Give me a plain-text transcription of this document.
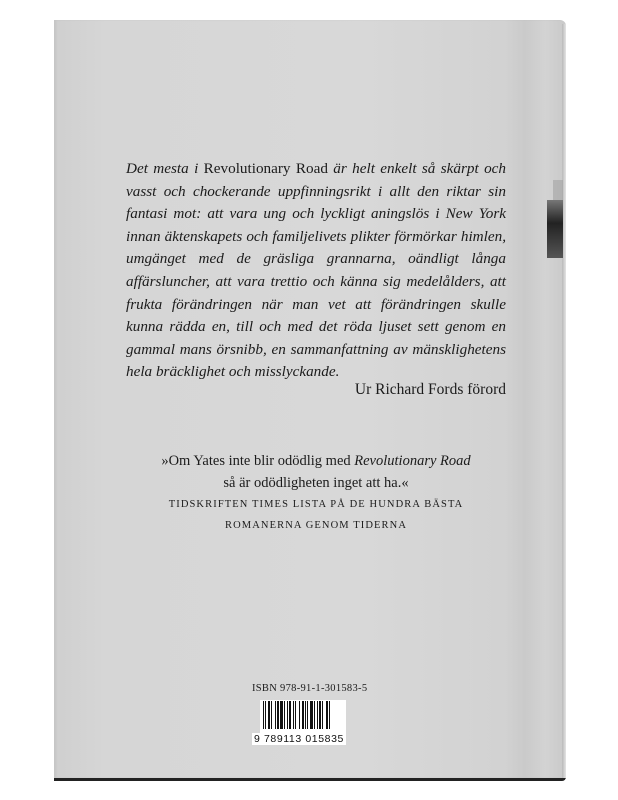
Det mesta i Revolutionary Road är helt enkelt så skärpt och vasst och chockerande uppfinningsrikt i allt den riktar sin fantasi mot: att vara ung och lyckligt aningslös i New York innan äktenskapets och familjelivets plikter förmörkar himlen, umgänget med de gräsliga grannarna, oändligt långa affärsluncher, att vara trettio och känna sig medelålders, att frukta förändringen när man vet att förändringen skulle kunna rädda en, till och med det röda ljuset sett genom en gammal mans örsnibb, en sammanfattning av mänsklighetens hela bräcklighet och misslyckande.
Ur Richard Fords förord
»Om Yates inte blir odödlig med Revolutionary Road
så är odödligheten inget att ha.«
TIDSKRIFTEN TIMES LISTA PÅ DE HUNDRA BÄSTA
ROMANERNA GENOM TIDERNA
ISBN 978-91-1-301583-5
9 789113 015835
